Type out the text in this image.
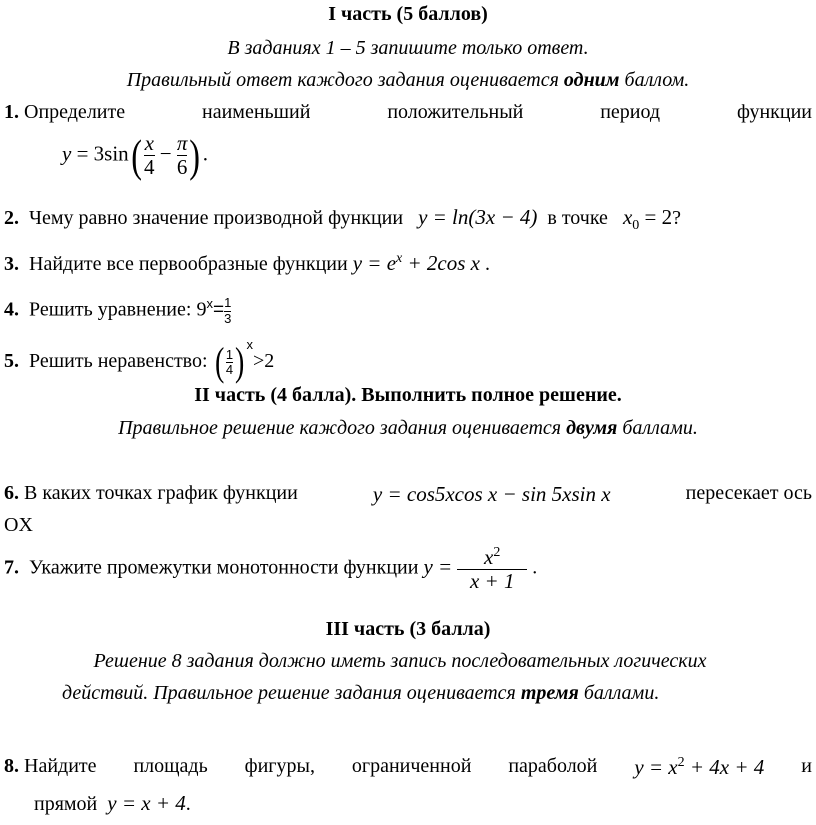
I часть (5 баллов)
В заданиях 1 – 5 запишите только ответ.
Правильный ответ каждого задания оценивается одним баллом.
1. Определите	наименьший	положительный	период	функции
$y = 3\sin( \frac{x}{4} - \frac{\pi}{6}$ ) .
2. Чему равно значение производной функции y = ln(3x − 4) в точке $x_0 = 2$?
3. Найдите все первообразные функции $y = e^x + 2\cos$ x .
4. Решить уравнение: $9^x= \frac{1}{3}$
5. Решить неравенство: ( $\frac{1}{4}$ ) $^x$>2
II часть (4 балла). Выполнить полное решение.
Правильное решение каждого задания оценивается двумя баллами.
6. В каких точках график функции	y = cos5xcos x − sin 5xsin x	пересекает ось
OX
7. Укажите промежутки монотонности функции $y = \frac{x^2}{x + 1}$ .
III часть (3 балла)
Решение 8 задания должно иметь запись последовательных логических
действий. Правильное решение задания оценивается тремя баллами.
8. Найдите площадь фигуры, ограниченной параболой $y = x^2 + 4x + 4$ и
прямой y = x + 4.
